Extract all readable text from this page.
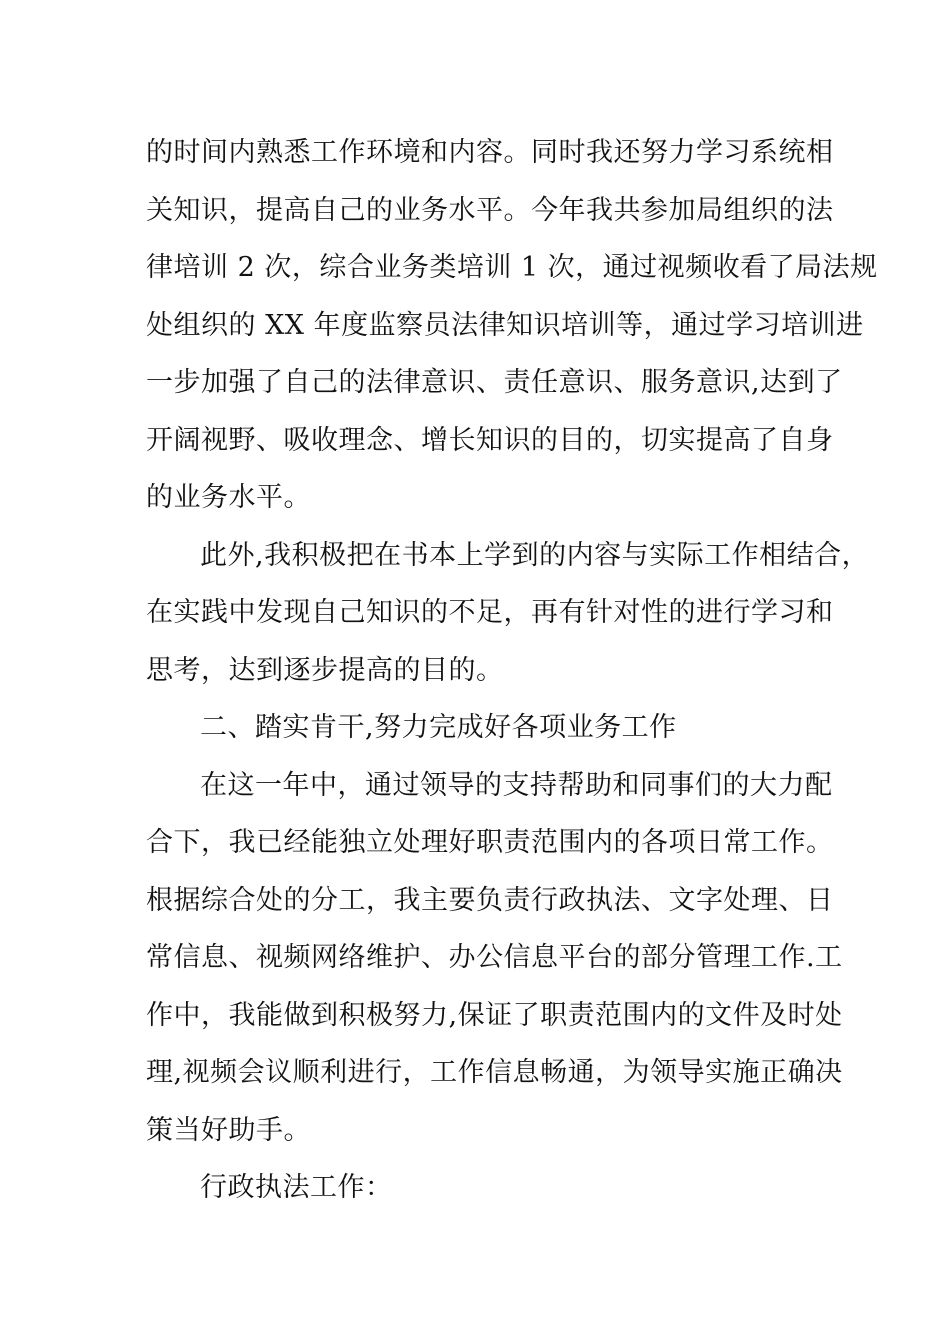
的时间内熟悉工作环境和内容。同时我还努力学习系统相
关知识，提高自己的业务水平。今年我共参加局组织的法
律培训 2 次，综合业务类培训 1 次，通过视频收看了局法规
处组织的 XX 年度监察员法律知识培训等，通过学习培训进
一步加强了自己的法律意识、责任意识、服务意识,达到了
开阔视野、吸收理念、增长知识的目的，切实提高了自身
的业务水平。
此外,我积极把在书本上学到的内容与实际工作相结合，
在实践中发现自己知识的不足，再有针对性的进行学习和
思考，达到逐步提高的目的。
二、踏实肯干,努力完成好各项业务工作
在这一年中，通过领导的支持帮助和同事们的大力配
合下，我已经能独立处理好职责范围内的各项日常工作。
根据综合处的分工，我主要负责行政执法、文字处理、日
常信息、视频网络维护、办公信息平台的部分管理工作.工
作中，我能做到积极努力,保证了职责范围内的文件及时处
理,视频会议顺利进行，工作信息畅通，为领导实施正确决
策当好助手。
行政执法工作：
